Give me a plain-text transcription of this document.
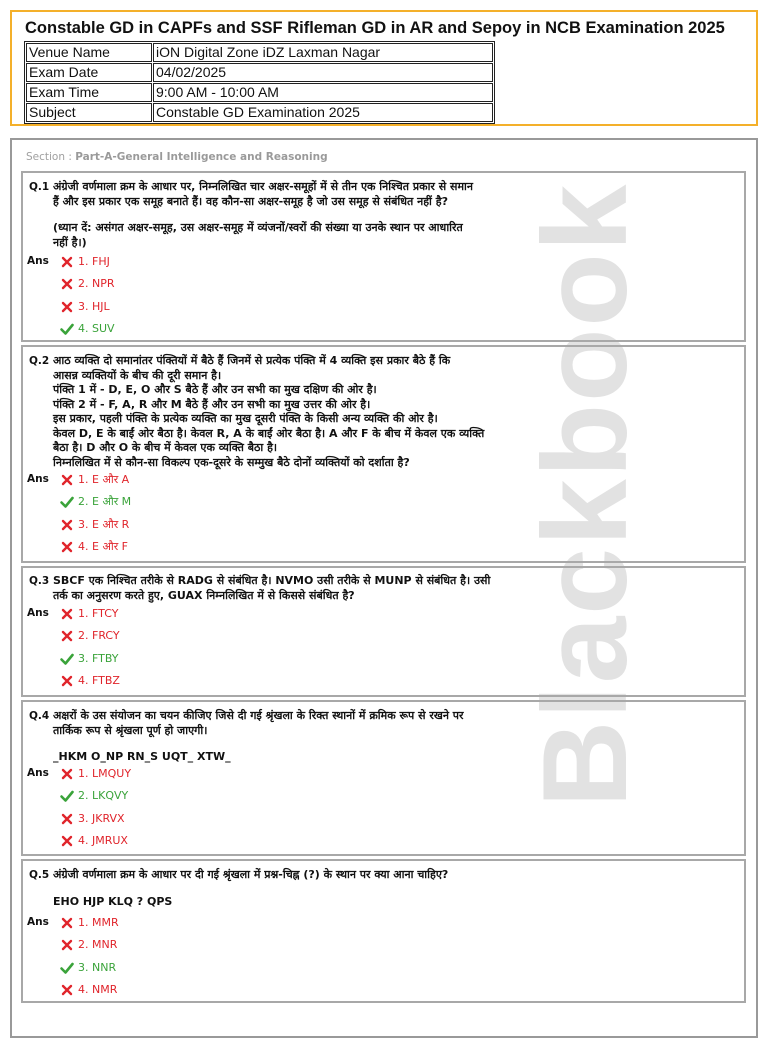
Constable GD in CAPFs and SSF Rifleman GD in AR and Sepoy in NCB Examination 2025
Venue Name	iON Digital Zone iDZ Laxman Nagar
Exam Date	04/02/2025
Exam Time	9:00 AM - 10:00 AM
Subject	Constable GD Examination 2025
Blackbook
Section : Part-A-General Intelligence and Reasoning
Q.1 अंग्रेजी वर्णमाला क्रम के आधार पर, निम्नलिखित चार अक्षर-समूहों में से तीन एक निश्चित प्रकार से समान

हैं और इस प्रकार एक समूह बनाते हैं। वह कौन-सा अक्षर-समूह है जो उस समूह से संबंधित नहीं है?

(ध्यान दें: असंगत अक्षर-समूह, उस अक्षर-समूह में व्यंजनों/स्वरों की संख्या या उनके स्थान पर आधारित

नहीं है।)

Ans	1. FHJ
2. NPR
3. HJL
4. SUV
Q.2 आठ व्यक्ति दो समानांतर पंक्तियों में बैठे हैं जिनमें से प्रत्येक पंक्ति में 4 व्यक्ति इस प्रकार बैठे हैं कि

आसन्न व्यक्तियों के बीच की दूरी समान है।

पंक्ति 1 में - D, E, O और S बैठे हैं और उन सभी का मुख दक्षिण की ओर है।

पंक्ति 2 में - F, A, R और M बैठे हैं और उन सभी का मुख उत्तर की ओर है।

इस प्रकार, पहली पंक्ति के प्रत्येक व्यक्ति का मुख दूसरी पंक्ति के किसी अन्य व्यक्ति की ओर है।

केवल D, E के बाईं ओर बैठा है। केवल R, A के बाईं ओर बैठा है। A और F के बीच में केवल एक व्यक्ति

बैठा है। D और O के बीच में केवल एक व्यक्ति बैठा है।

निम्नलिखित में से कौन-सा विकल्प एक-दूसरे के सम्मुख बैठे दोनों व्यक्तियों को दर्शाता है?

Ans	1. E और A
2. E और M
3. E और R
4. E और F
Q.3 SBCF एक निश्चित तरीके से RADG से संबंधित है। NVMO उसी तरीके से MUNP से संबंधित है। उसी

तर्क का अनुसरण करते हुए, GUAX निम्नलिखित में से किससे संबंधित है?

Ans	1. FTCY
2. FRCY
3. FTBY
4. FTBZ
Q.4 अक्षरों के उस संयोजन का चयन कीजिए जिसे दी गई श्रृंखला के रिक्त स्थानों में क्रमिक रूप से रखने पर

तार्किक रूप से श्रृंखला पूर्ण हो जाएगी।

_HKM O_NP RN_S UQT_ XTW_

Ans	1. LMQUY
2. LKQVY
3. JKRVX
4. JMRUX
Q.5 अंग्रेजी वर्णमाला क्रम के आधार पर दी गई श्रृंखला में प्रश्न-चिह्न (?) के स्थान पर क्या आना चाहिए?

EHO HJP KLQ ? QPS

Ans	1. MMR
2. MNR
3. NNR
4. NMR
